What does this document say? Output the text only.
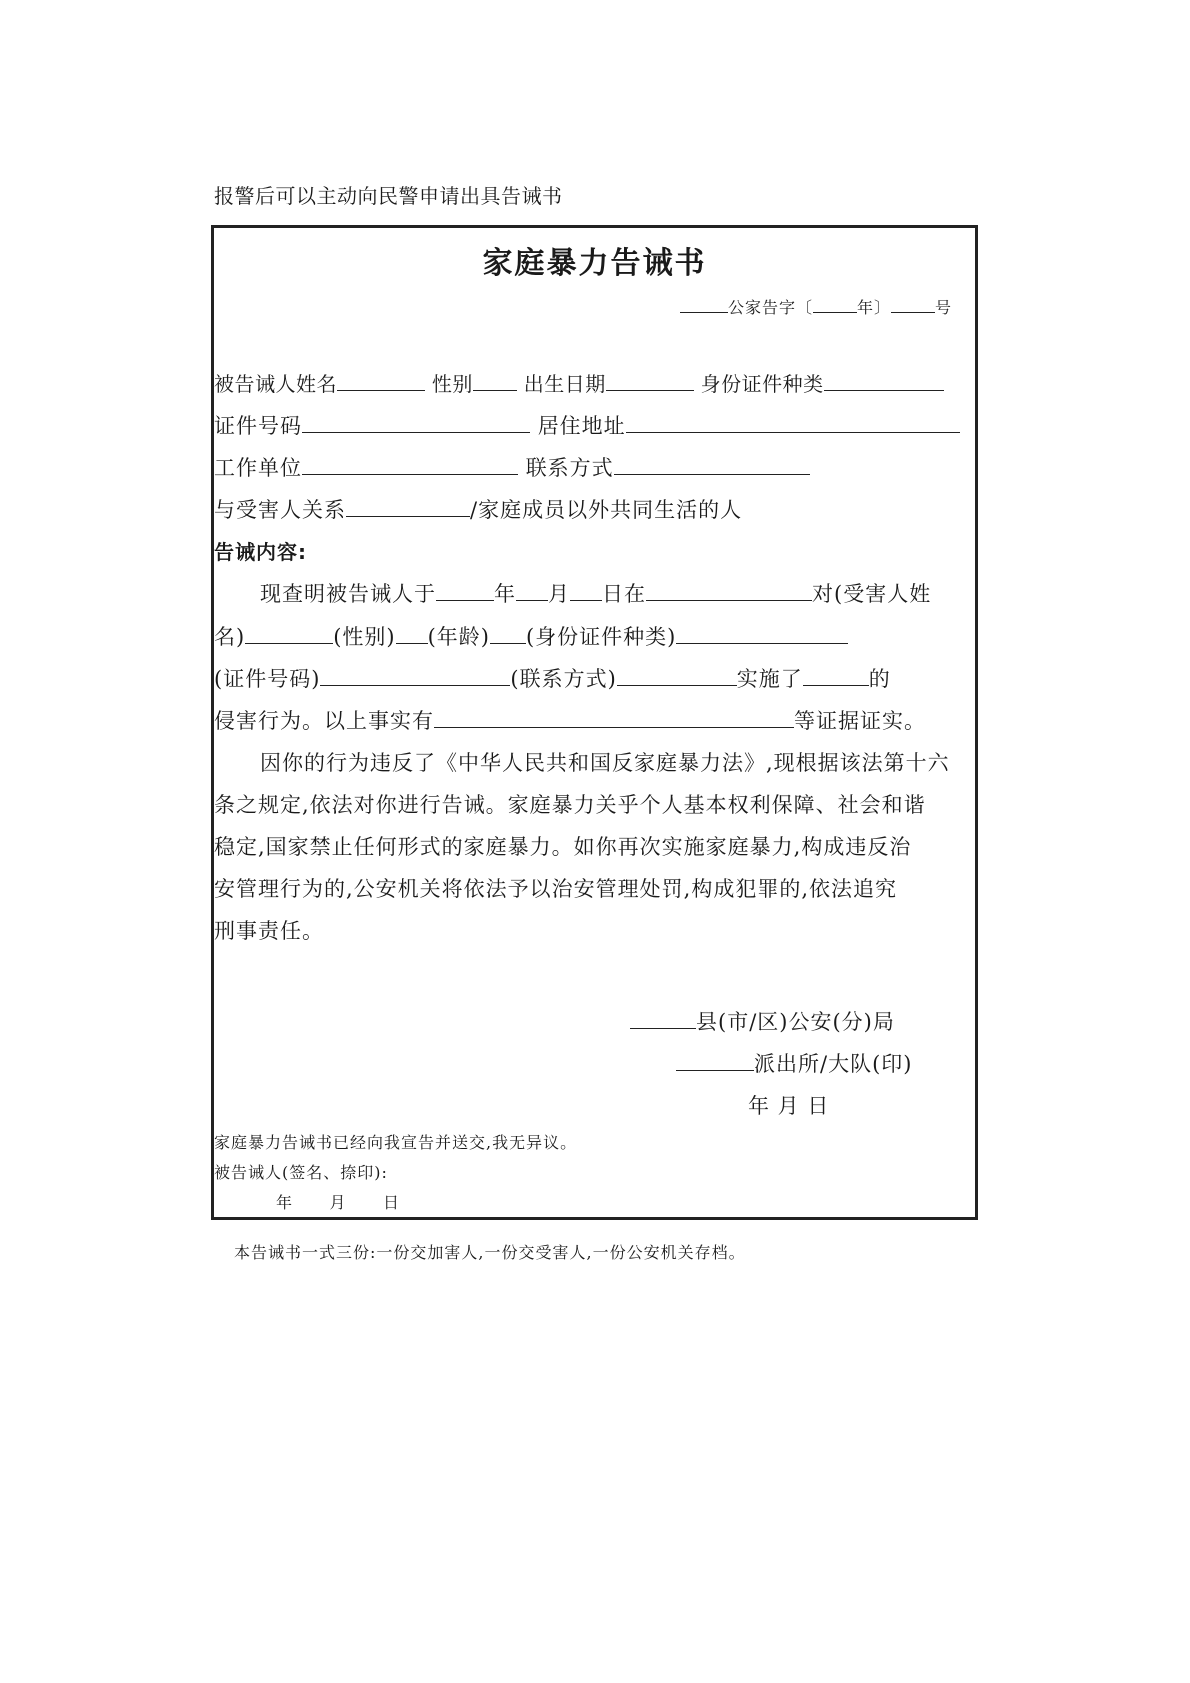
报警后可以主动向民警申请出具告诫书
家庭暴力告诫书
公家告字〔	年〕	号
被告诫人姓名	性别	出生日期	身份证件种类
证件号码	居住地址
工作单位	联系方式
与受害人关系	/家庭成员以外共同生活的人
告诫内容:
现查明被告诫人于	年 月 日在	对(受害人姓
名)	(性别) (年龄) (身份证件种类)
(证件号码)	(联系方式)	实施了	的
侵害行为。以上事实有	等证据证实。
因你的行为违反了《中华人民共和国反家庭暴力法》,现根据该法第十六
条之规定,依法对你进行告诫。家庭暴力关乎个人基本权利保障、社会和谐
稳定,国家禁止任何形式的家庭暴力。如你再次实施家庭暴力,构成违反治
安管理行为的,公安机关将依法予以治安管理处罚,构成犯罪的,依法追究
刑事责任。
县(市/区)公安(分)局
派出所/大队(印)
年 月 日
家庭暴力告诫书已经向我宣告并送交,我无异议。
被告诫人(签名、捺印):
年      月      日
本告诫书一式三份:一份交加害人,一份交受害人,一份公安机关存档。
